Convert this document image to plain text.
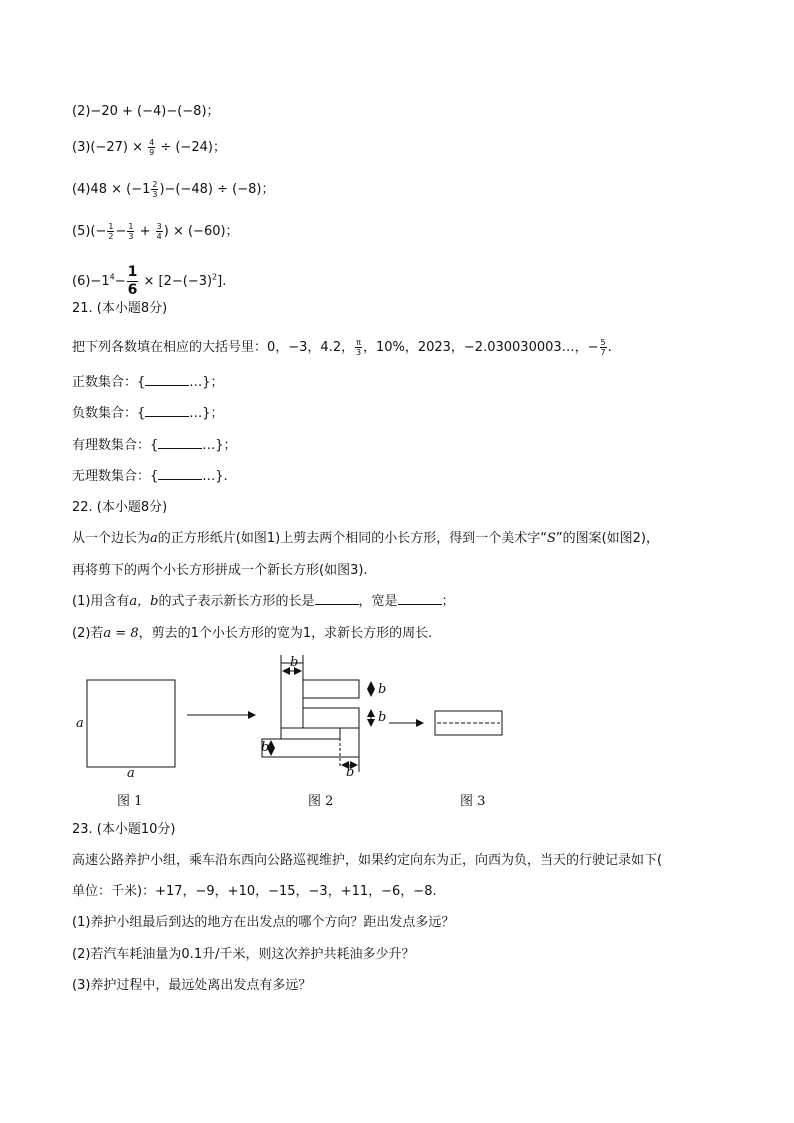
(2)−20 + (−4)−(−8)；
$(3)(-27) \times \frac{4}{9} \div (-24)$；
$(4)48 \times (-1 \frac{2}{3} )-(-48) \div (-8)$；
$(5)(- \frac{1}{2} - \frac{1}{3} + \frac{3}{4}$ ) × (−60)；
$(6)-1^4- \frac{1}{6} \times [2-(-3)^2]$.
21. (本小题8分)
把下列各数填在相应的大括号里：0，−3，4.2， $\frac{\pi}{3}$ ，10%，2023，−2.030030003…，− $\frac{5}{7}$ .
正数集合：{	…}；
负数集合：{	…}；
有理数集合：{	…}；
无理数集合：{	…}.
22. (本小题8分)
从一个边长为a的正方形纸片(如图1)上剪去两个相同的小长方形，得到一个美术字“S”的图案(如图2)，
再将剪下的两个小长方形拼成一个新长方形(如图3).
(1)用含有a，b的式子表示新长方形的长是	，宽是	；
(2)若a = 8，剪去的1个小长方形的宽为1，求新长方形的周长.
a
a
b
b
b
b
b
图 1	图 2	图 3
23. (本小题10分)
高速公路养护小组，乘车沿东西向公路巡视维护，如果约定向东为正，向西为负，当天的行驶记录如下(
单位：千米)：+17，−9，+10，−15，−3，+11，−6，−8.
(1)养护小组最后到达的地方在出发点的哪个方向？距出发点多远？
(2)若汽车耗油量为0.1升/千米，则这次养护共耗油多少升？
(3)养护过程中，最远处离出发点有多远？
